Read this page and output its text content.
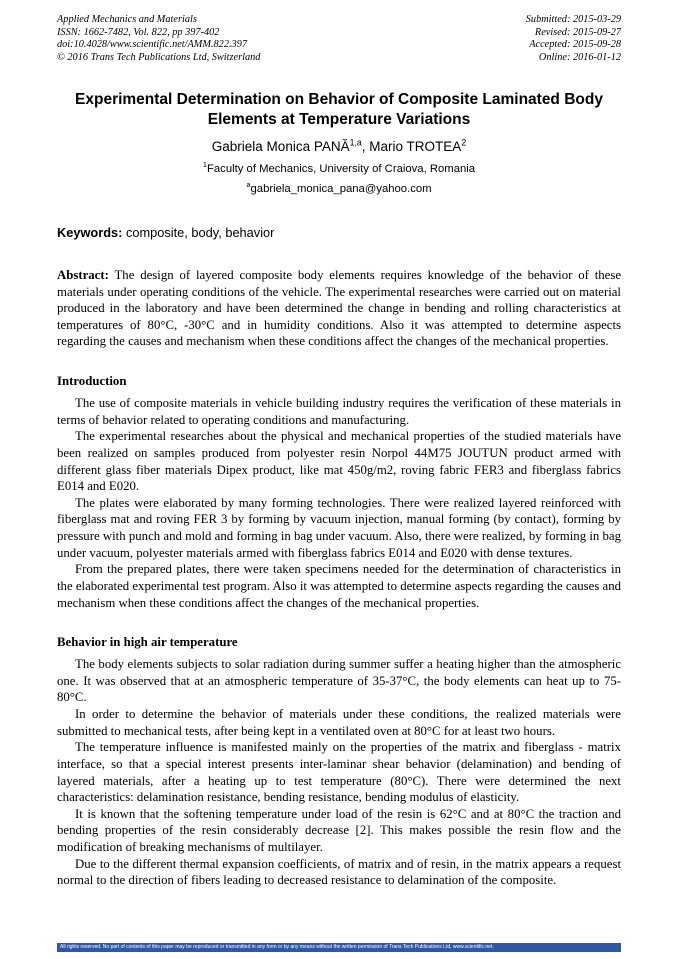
Applied Mechanics and Materials
ISSN: 1662-7482, Vol. 822, pp 397-402
doi:10.4028/www.scientific.net/AMM.822.397
© 2016 Trans Tech Publications Ltd, Switzerland
Submitted: 2015-03-29
Revised: 2015-09-27
Accepted: 2015-09-28
Online: 2016-01-12
Experimental Determination on Behavior of Composite Laminated Body
Elements at Temperature Variations
Gabriela Monica PANĂ$^{1,a}$, Mario TROTEA$^2$
$^1$Faculty of Mechanics, University of Craiova, Romania
$^a$gabriela_monica_pana@yahoo.com
Keywords: composite, body, behavior
Abstract: The design of layered composite body elements requires knowledge of the behavior of these materials under operating conditions of the vehicle. The experimental researches were carried out on material produced in the laboratory and have been determined the change in bending and rolling characteristics at temperatures of 80°C, -30°C and in humidity conditions. Also it was attempted to determine aspects regarding the causes and mechanism when these conditions affect the changes of the mechanical properties.
Introduction

The use of composite materials in vehicle building industry requires the verification of these materials in terms of behavior related to operating conditions and manufacturing.

The experimental researches about the physical and mechanical properties of the studied materials have been realized on samples produced from polyester resin Norpol 44M75 JOUTUN product armed with different glass fiber materials Dipex product, like mat 450g/m2, roving fabric FER3 and fiberglass fabrics E014 and E020.

The plates were elaborated by many forming technologies. There were realized layered reinforced with fiberglass mat and roving FER 3 by forming by vacuum injection, manual forming (by contact), forming by pressure with punch and mold and forming in bag under vacuum. Also, there were realized, by forming in bag under vacuum, polyester materials armed with fiberglass fabrics E014 and E020 with dense textures.

From the prepared plates, there were taken specimens needed for the determination of characteristics in the elaborated experimental test program. Also it was attempted to determine aspects regarding the causes and mechanism when these conditions affect the changes of the mechanical properties.

Behavior in high air temperature

The body elements subjects to solar radiation during summer suffer a heating higher than the atmospheric one. It was observed that at an atmospheric temperature of 35-37°C, the body elements can heat up to 75-80°C.

In order to determine the behavior of materials under these conditions, the realized materials were submitted to mechanical tests, after being kept in a ventilated oven at 80°C for at least two hours.

The temperature influence is manifested mainly on the properties of the matrix and fiberglass - matrix interface, so that a special interest presents inter-laminar shear behavior (delamination) and bending of layered materials, after a heating up to test temperature (80°C). There were determined the next characteristics: delamination resistance, bending resistance, bending modulus of elasticity.

It is known that the softening temperature under load of the resin is 62°C and at 80°C the traction and bending properties of the resin considerably decrease [2]. This makes possible the resin flow and the modification of breaking mechanisms of multilayer.

Due to the different thermal expansion coefficients, of matrix and of resin, in the matrix appears a request normal to the direction of fibers leading to decreased resistance to delamination of the composite.

All rights reserved. No part of contents of this paper may be reproduced or transmitted in any form or by any means without the written permission of Trans Tech Publications Ltd, www.scientific.net.
